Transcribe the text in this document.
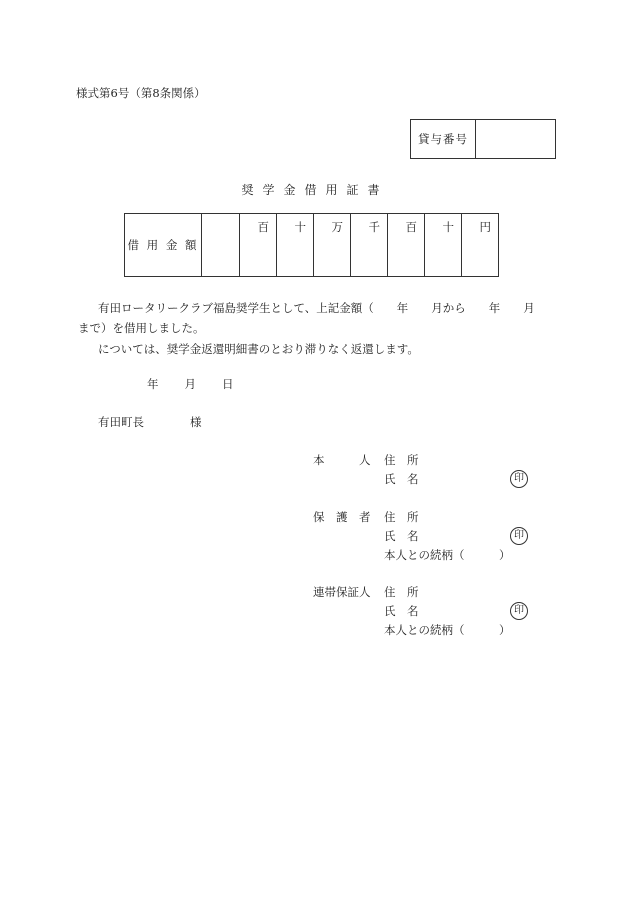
様式第6号（第8条関係）
貸与番号
奨学金借用証書
借 用 金 額		百	十	万	千	百	十	円
有田ロータリークラブ福島奨学生として、上記金額（　　年　　月から　　年　　月
まで）を借用しました。
については、奨学金返還明細書のとおり滞りなく返還します。
年 月 日
有田町長　　　　様
本　　　人 住　所
氏　名	印
保　護　者 住　所
氏　名	印
本人との続柄（　　　）
連帯保証人 住　所
氏　名	印
本人との続柄（　　　）
